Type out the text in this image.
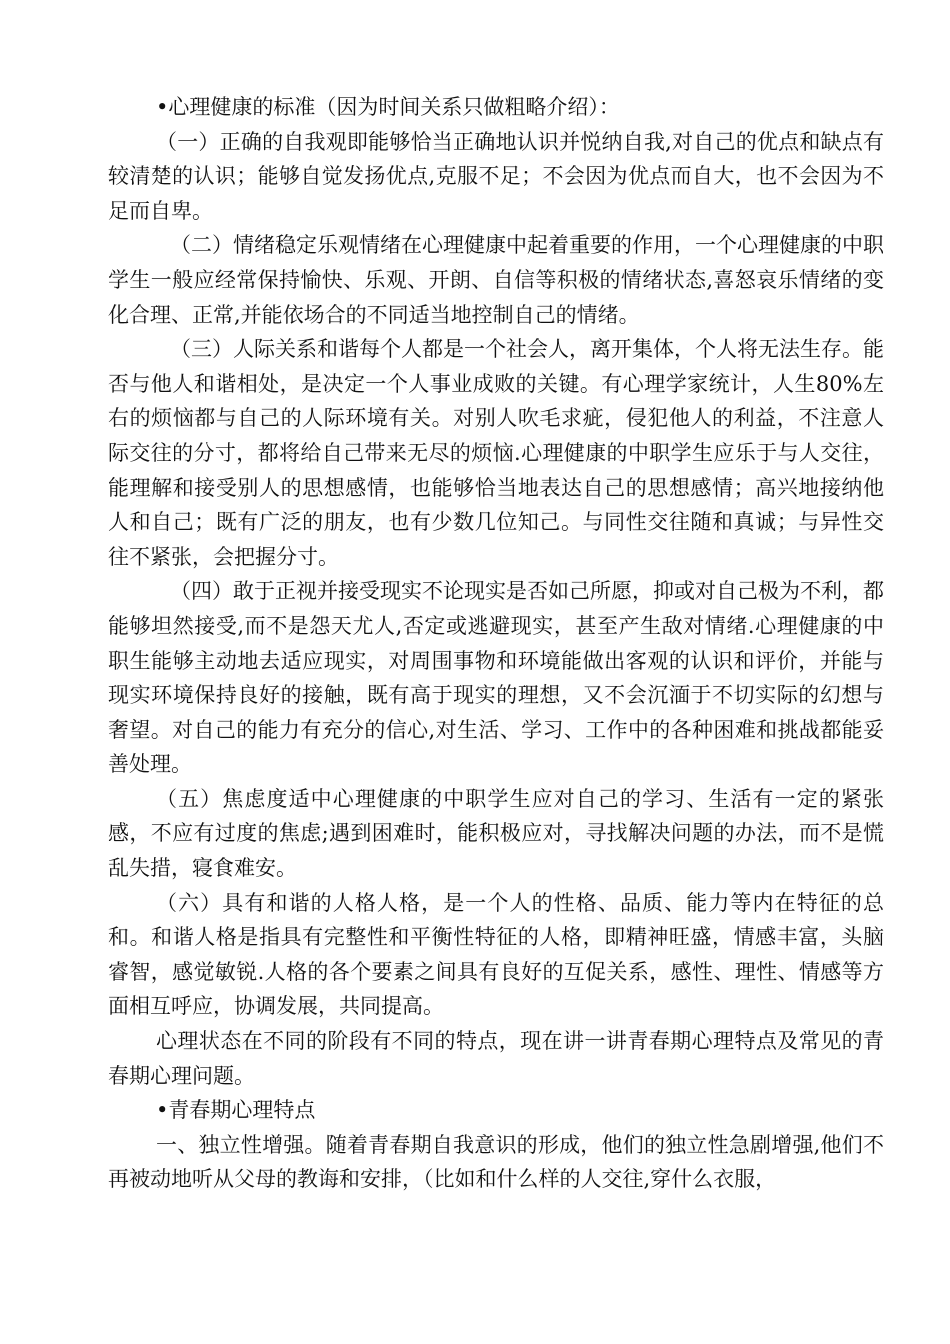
•心理健康的标准（因为时间关系只做粗略介绍）：

（一）正确的自我观即能够恰当正确地认识并悦纳自我,对自己的优点和缺点有较清楚的认识；能够自觉发扬优点,克服不足；不会因为优点而自大，也不会因为不足而自卑。

（二）情绪稳定乐观情绪在心理健康中起着重要的作用，一个心理健康的中职学生一般应经常保持愉快、乐观、开朗、自信等积极的情绪状态,喜怒哀乐情绪的变化合理、正常,并能依场合的不同适当地控制自己的情绪。

（三）人际关系和谐每个人都是一个社会人，离开集体，个人将无法生存。能否与他人和谐相处，是决定一个人事业成败的关键。有心理学家统计，人生80%左右的烦恼都与自己的人际环境有关。对别人吹毛求疵，侵犯他人的利益，不注意人际交往的分寸，都将给自己带来无尽的烦恼.心理健康的中职学生应乐于与人交往，能理解和接受别人的思想感情，也能够恰当地表达自己的思想感情；高兴地接纳他人和自己；既有广泛的朋友，也有少数几位知己。与同性交往随和真诚；与异性交往不紧张，会把握分寸。

（四）敢于正视并接受现实不论现实是否如己所愿，抑或对自己极为不利，都能够坦然接受,而不是怨天尤人,否定或逃避现实，甚至产生敌对情绪.心理健康的中职生能够主动地去适应现实，对周围事物和环境能做出客观的认识和评价，并能与现实环境保持良好的接触，既有高于现实的理想，又不会沉湎于不切实际的幻想与奢望。对自己的能力有充分的信心,对生活、学习、工作中的各种困难和挑战都能妥善处理。

（五）焦虑度适中心理健康的中职学生应对自己的学习、生活有一定的紧张感，不应有过度的焦虑;遇到困难时，能积极应对，寻找解决问题的办法，而不是慌乱失措，寝食难安。

（六）具有和谐的人格人格，是一个人的性格、品质、能力等内在特征的总和。和谐人格是指具有完整性和平衡性特征的人格，即精神旺盛，情感丰富，头脑睿智，感觉敏锐.人格的各个要素之间具有良好的互促关系，感性、理性、情感等方面相互呼应，协调发展，共同提高。

心理状态在不同的阶段有不同的特点，现在讲一讲青春期心理特点及常见的青春期心理问题。

•青春期心理特点

一、独立性增强。随着青春期自我意识的形成，他们的独立性急剧增强,他们不再被动地听从父母的教诲和安排，（比如和什么样的人交往,穿什么衣服，
